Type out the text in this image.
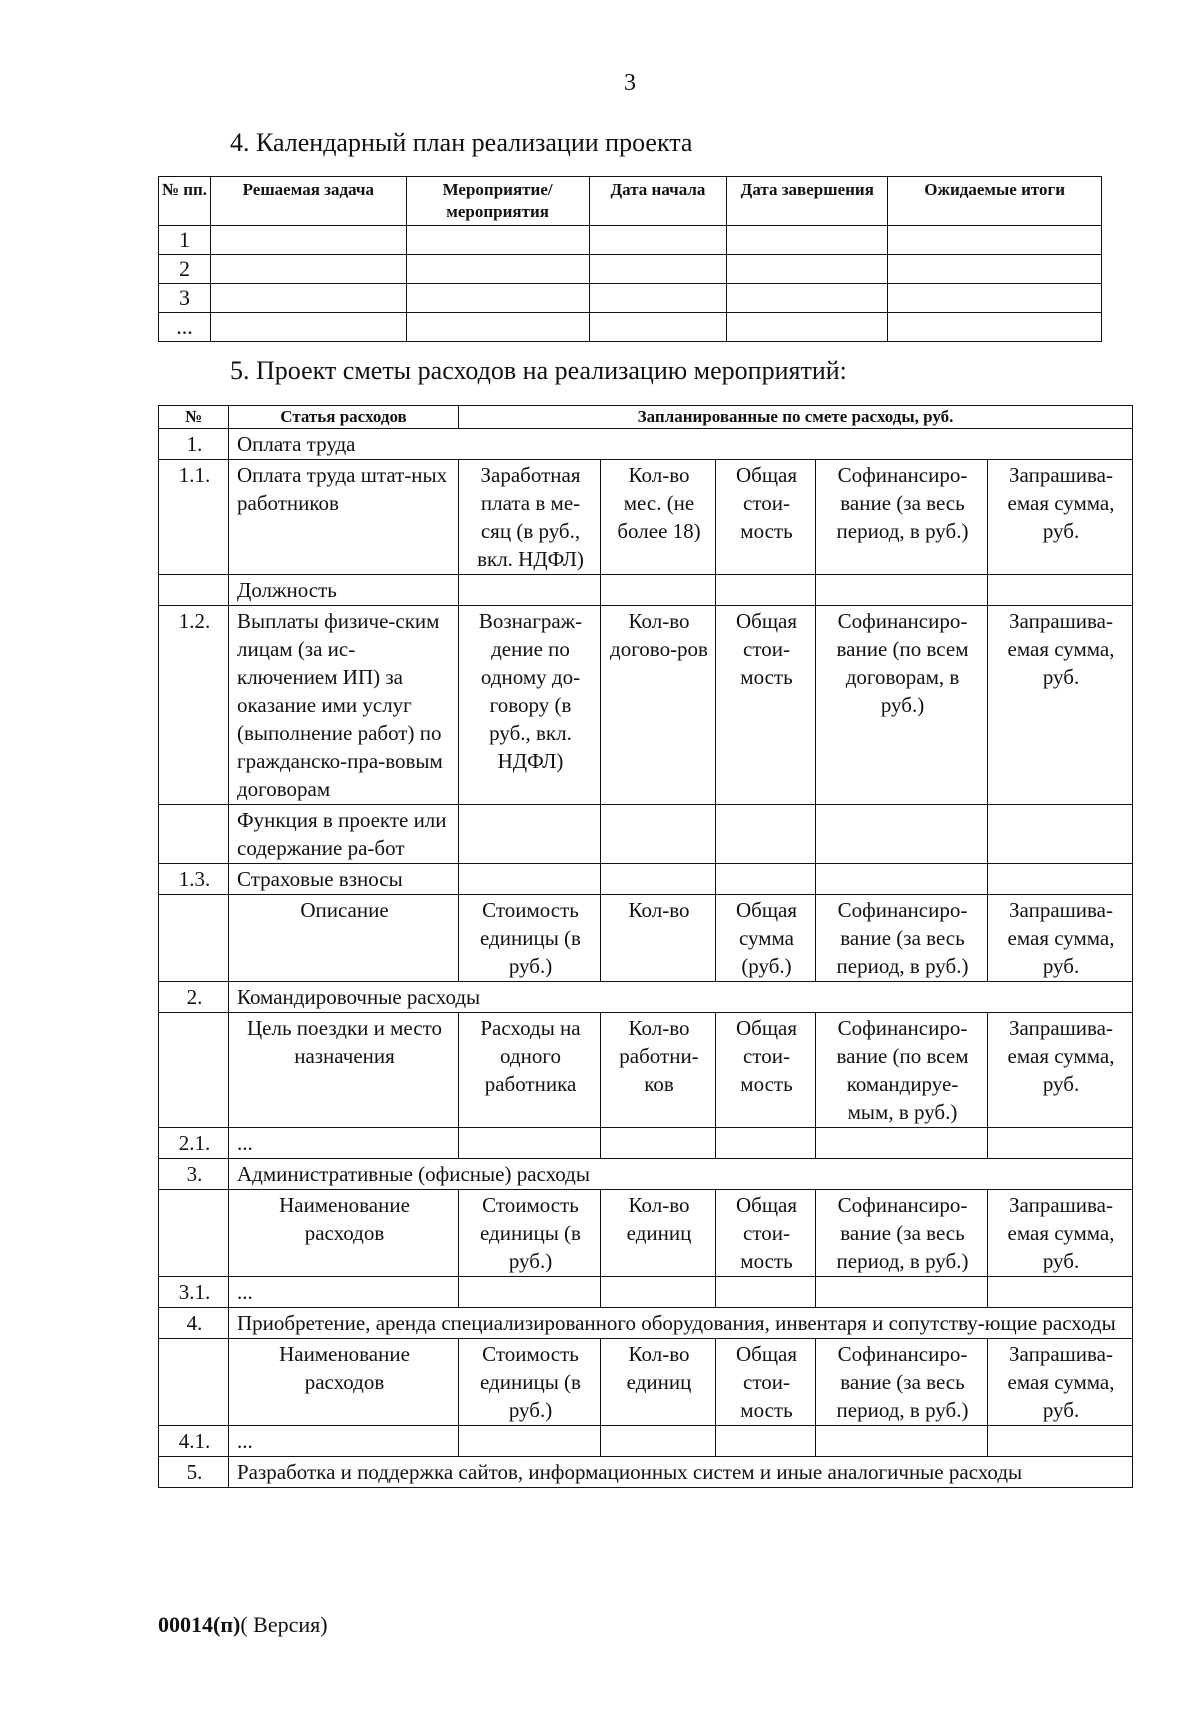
3
4. Календарный план реализации проекта
№ пп.	Решаемая задача	Мероприятие/ мероприятия	Дата начала	Дата завершения	Ожидаемые итоги
1					
2					
3					
...					
5. Проект сметы расходов на реализацию мероприятий:
№	Статья расходов	Запланированные по смете расходы, руб.				
1.	Оплата труда					
1.1.	Оплата труда штат-ных работников	Заработная плата в ме-сяц (в руб., вкл. НДФЛ)	Кол-во мес. (не более 18)	Общая стои-мость	Софинансиро-вание (за весь период, в руб.)	Запрашива-емая сумма, руб.
	Должность					
1.2.	Выплаты физиче-ским лицам (за ис-ключением ИП) за оказание ими услуг (выполнение работ) по гражданско-пра-вовым договорам	Вознаграж-дение по одному до-говору (в руб., вкл. НДФЛ)	Кол-во догово-ров	Общая стои-мость	Софинансиро-вание (по всем договорам, в руб.)	Запрашива-емая сумма, руб.
	Функция в проекте или содержание ра-бот					
1.3.	Страховые взносы					
	Описание	Стоимость единицы (в руб.)	Кол-во	Общая сумма (руб.)	Софинансиро-вание (за весь период, в руб.)	Запрашива-емая сумма, руб.
2.	Командировочные расходы					
	Цель поездки и место назначения	Расходы на одного работника	Кол-во работни-ков	Общая стои-мость	Софинансиро-вание (по всем командируе-мым, в руб.)	Запрашива-емая сумма, руб.
2.1.	...					
3.	Административные (офисные) расходы					
	Наименование расходов	Стоимость единицы (в руб.)	Кол-во единиц	Общая стои-мость	Софинансиро-вание (за весь период, в руб.)	Запрашива-емая сумма, руб.
3.1.	...					
4.	Приобретение, аренда специализированного оборудования, инвентаря и сопутству-ющие расходы					
	Наименование расходов	Стоимость единицы (в руб.)	Кол-во единиц	Общая стои-мость	Софинансиро-вание (за весь период, в руб.)	Запрашива-емая сумма, руб.
4.1.	...					
5.	Разработка и поддержка сайтов, информационных систем и иные аналогичные расходы					
00014(п)( Версия)
